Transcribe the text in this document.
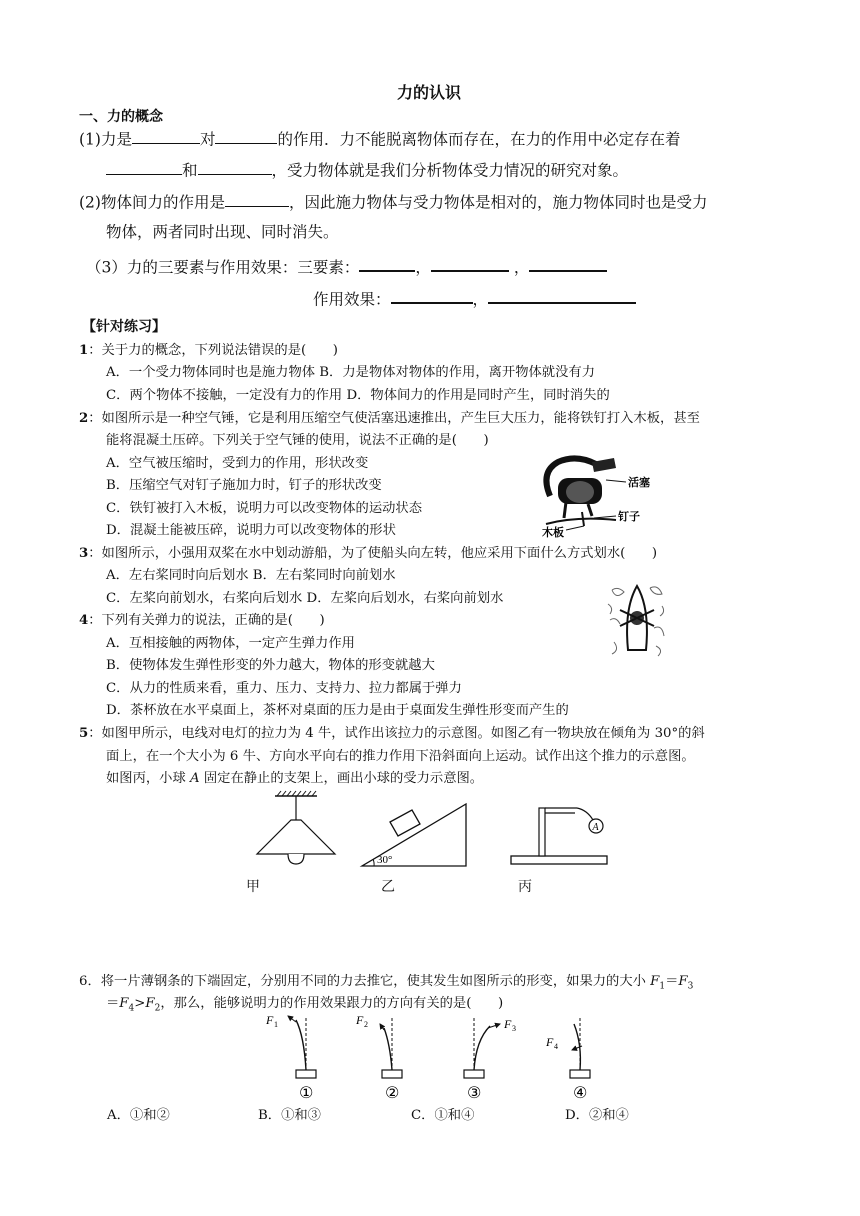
力的认识
一、力的概念
(1)力是	对	的作用．力不能脱离物体而存在，在力的作用中必定存在着
和	，受力物体就是我们分析物体受力情况的研究对象。
(2)物体间力的作用是	，因此施力物体与受力物体是相对的，施力物体同时也是受力
物体，两者同时出现、同时消失。
（3）力的三要素与作用效果：三要素：	，	，
作用效果：	，
【针对练习】
1：关于力的概念，下列说法错误的是(　　)
A．一个受力物体同时也是施力物体 B．力是物体对物体的作用，离开物体就没有力
C．两个物体不接触，一定没有力的作用 D．物体间力的作用是同时产生，同时消失的
2：如图所示是一种空气锤，它是利用压缩空气使活塞迅速推出，产生巨大压力，能将铁钉打入木板，甚至
能将混凝土压碎。下列关于空气锤的使用，说法不正确的是(　　)
A．空气被压缩时，受到力的作用，形状改变
B．压缩空气对钉子施加力时，钉子的形状改变
C．铁钉被打入木板，说明力可以改变物体的运动状态
D．混凝土能被压碎，说明力可以改变物体的形状
活塞
钉子
木板
3：如图所示，小强用双桨在水中划动游船，为了使船头向左转，他应采用下面什么方式划水(　　)
A．左右桨同时向后划水 B．左右桨同时向前划水
C．左桨向前划水，右桨向后划水 D．左桨向后划水，右桨向前划水
4：下列有关弹力的说法，正确的是(　　)
A．互相接触的两物体，一定产生弹力作用
B．使物体发生弹性形变的外力越大，物体的形变就越大
C．从力的性质来看，重力、压力、支持力、拉力都属于弹力
D．茶杯放在水平桌面上，茶杯对桌面的压力是由于桌面发生弹性形变而产生的
5：如图甲所示，电线对电灯的拉力为 4 牛，试作出该拉力的示意图。如图乙有一物块放在倾角为 30°的斜
面上，在一个大小为 6 牛、方向水平向右的推力作用下沿斜面向上运动。试作出这个推力的示意图。
如图丙，小球 A 固定在静止的支架上，画出小球的受力示意图。
甲
30°
乙
A
丙
6．将一片薄钢条的下端固定，分别用不同的力去推它，使其发生如图所示的形变，如果力的大小 $F_1=F_3$
$=F_4>F_2$，那么，能够说明力的作用效果跟力的方向有关的是(　　)
F 1
①
F 2
②
F 3
③
F 4
④
A．①和②	B．①和③	C．①和④	D．②和④
